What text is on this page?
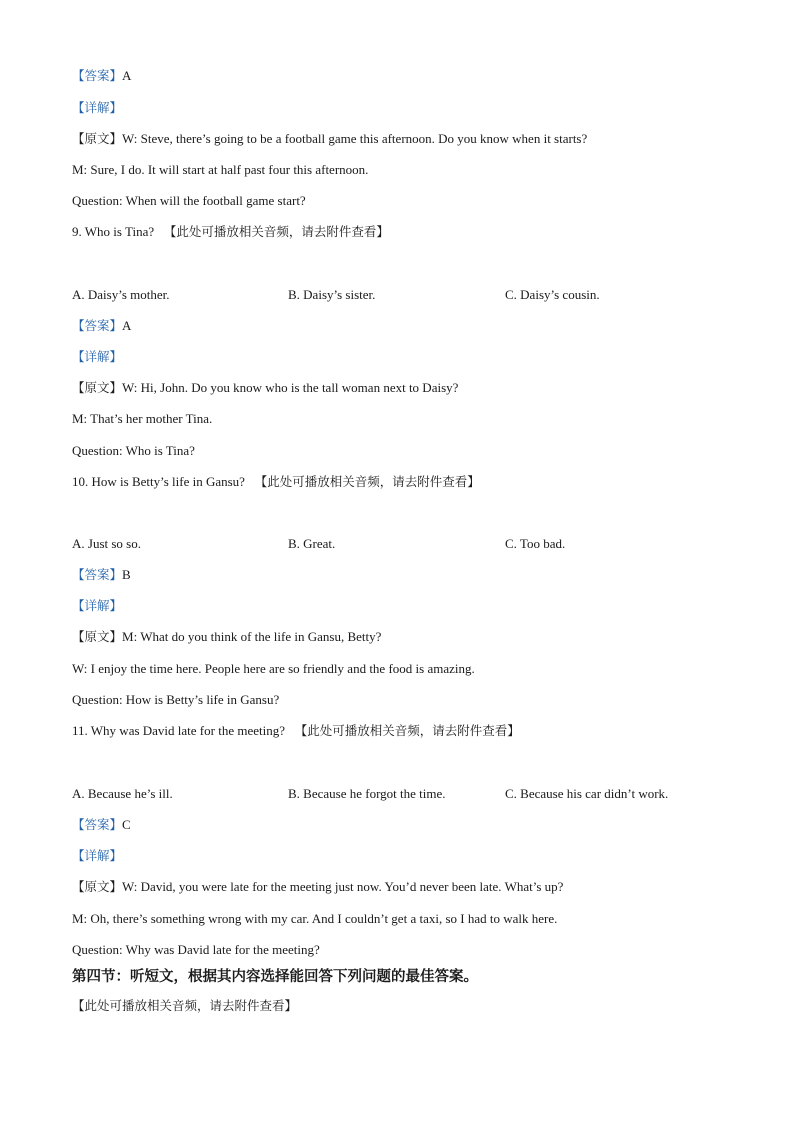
【答案】A
【详解】
【原文】W: Steve, there’s going to be a football game this afternoon. Do you know when it starts?
M: Sure, I do. It will start at half past four this afternoon.
Question: When will the football game start?
9. Who is Tina? 【此处可播放相关音频，请去附件查看】
A. Daisy’s mother.	B. Daisy’s sister.	C. Daisy’s cousin.
【答案】A
【详解】
【原文】W: Hi, John. Do you know who is the tall woman next to Daisy?
M: That’s her mother Tina.
Question: Who is Tina?
10. How is Betty’s life in Gansu? 【此处可播放相关音频，请去附件查看】
A. Just so so.	B. Great.	C. Too bad.
【答案】B
【详解】
【原文】M: What do you think of the life in Gansu, Betty?
W: I enjoy the time here. People here are so friendly and the food is amazing.
Question: How is Betty’s life in Gansu?
11. Why was David late for the meeting? 【此处可播放相关音频，请去附件查看】
A. Because he’s ill.	B. Because he forgot the time.	C. Because his car didn’t work.
【答案】C
【详解】
【原文】W: David, you were late for the meeting just now. You’d never been late. What’s up?
M: Oh, there’s something wrong with my car. And I couldn’t get a taxi, so I had to walk here.
Question: Why was David late for the meeting?
第四节：听短文，根据其内容选择能回答下列问题的最佳答案。
【此处可播放相关音频，请去附件查看】
